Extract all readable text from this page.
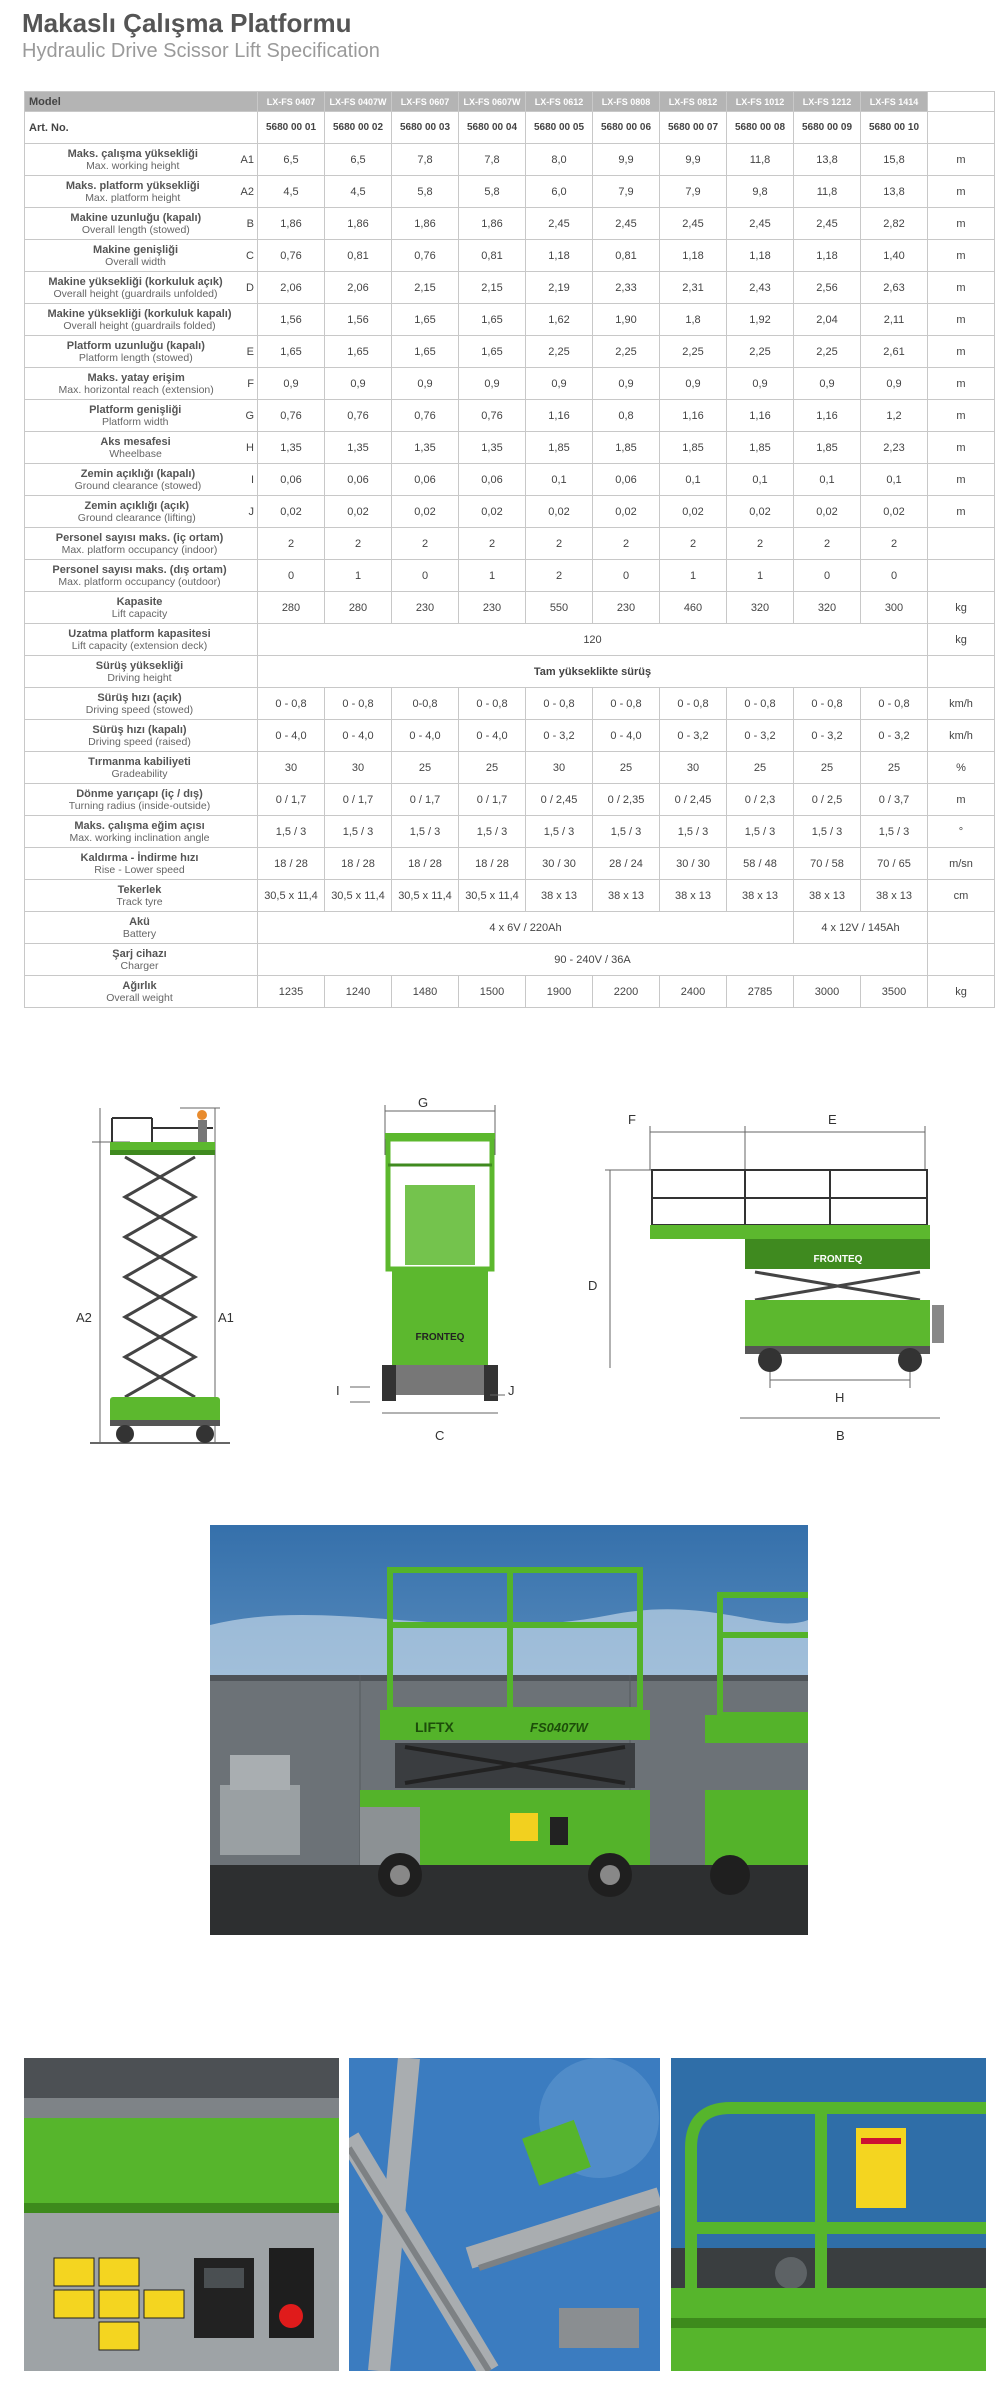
Makaslı Çalışma Platformu
Hydraulic Drive Scissor Lift Specification
Model	LX-FS 0407	LX-FS 0407W	LX-FS 0607	LX-FS 0607W	LX-FS 0612	LX-FS 0808	LX-FS 0812	LX-FS 1012	LX-FS 1212	LX-FS 1414	
Art. No.	5680 00 01	5680 00 02	5680 00 03	5680 00 04	5680 00 05	5680 00 06	5680 00 07	5680 00 08	5680 00 09	5680 00 10	

Maks. çalışma yüksekliği
Max. working height A1	6,5	6,5	7,8	7,8	8,0	9,9	9,9	11,8	13,8	15,8	m

Maks. platform yüksekliği
Max. platform height A2	4,5	4,5	5,8	5,8	6,0	7,9	7,9	9,8	11,8	13,8	m

Makine uzunluğu (kapalı)
Overall length (stowed) B	1,86	1,86	1,86	1,86	2,45	2,45	2,45	2,45	2,45	2,82	m

Makine genişliği
Overall width C	0,76	0,81	0,76	0,81	1,18	0,81	1,18	1,18	1,18	1,40	m

Makine yüksekliği (korkuluk açık)
Overall height (guardrails unfolded) D	2,06	2,06	2,15	2,15	2,19	2,33	2,31	2,43	2,56	2,63	m

Makine yüksekliği (korkuluk kapalı)
Overall height (guardrails folded)	1,56	1,56	1,65	1,65	1,62	1,90	1,8	1,92	2,04	2,11	m

Platform uzunluğu (kapalı)
Platform length (stowed) E	1,65	1,65	1,65	1,65	2,25	2,25	2,25	2,25	2,25	2,61	m

Maks. yatay erişim
Max. horizontal reach (extension) F	0,9	0,9	0,9	0,9	0,9	0,9	0,9	0,9	0,9	0,9	m

Platform genişliği
Platform width G	0,76	0,76	0,76	0,76	1,16	0,8	1,16	1,16	1,16	1,2	m

Aks mesafesi
Wheelbase H	1,35	1,35	1,35	1,35	1,85	1,85	1,85	1,85	1,85	2,23	m

Zemin açıklığı (kapalı)
Ground clearance (stowed) I	0,06	0,06	0,06	0,06	0,1	0,06	0,1	0,1	0,1	0,1	m

Zemin açıklığı (açık)
Ground clearance (lifting) J	0,02	0,02	0,02	0,02	0,02	0,02	0,02	0,02	0,02	0,02	m

Personel sayısı maks. (iç ortam)
Max. platform occupancy (indoor)	2	2	2	2	2	2	2	2	2	2	

Personel sayısı maks. (dış ortam)
Max. platform occupancy (outdoor)	0	1	0	1	2	0	1	1	0	0	

Kapasite
Lift capacity	280	280	230	230	550	230	460	320	320	300	kg

Uzatma platform kapasitesi
Lift capacity (extension deck)	120										kg

Sürüş yüksekliği
Driving height	Tam yükseklikte sürüş										

Sürüş hızı (açık)
Driving speed (stowed)	0 - 0,8	0 - 0,8	0-0,8	0 - 0,8	0 - 0,8	0 - 0,8	0 - 0,8	0 - 0,8	0 - 0,8	0 - 0,8	km/h

Sürüş hızı (kapalı)
Driving speed (raised)	0 - 4,0	0 - 4,0	0 - 4,0	0 - 4,0	0 - 3,2	0 - 4,0	0 - 3,2	0 - 3,2	0 - 3,2	0 - 3,2	km/h

Tırmanma kabiliyeti
Gradeability	30	30	25	25	30	25	30	25	25	25	%

Dönme yarıçapı (iç / dış)
Turning radius (inside-outside)	0 / 1,7	0 / 1,7	0 / 1,7	0 / 1,7	0 / 2,45	0 / 2,35	0 / 2,45	0 / 2,3	0 / 2,5	0 / 3,7	m

Maks. çalışma eğim açısı
Max. working inclination angle	1,5 / 3	1,5 / 3	1,5 / 3	1,5 / 3	1,5 / 3	1,5 / 3	1,5 / 3	1,5 / 3	1,5 / 3	1,5 / 3	°

Kaldırma - İndirme hızı
Rise - Lower speed	18 / 28	18 / 28	18 / 28	18 / 28	30 / 30	28 / 24	30 / 30	58 / 48	70 / 58	70 / 65	m/sn

Tekerlek
Track tyre	30,5 x 11,4	30,5 x 11,4	30,5 x 11,4	30,5 x 11,4	38 x 13	38 x 13	38 x 13	38 x 13	38 x 13	38 x 13	cm

Akü
Battery	4 x 6V / 220Ah								4 x 12V / 145Ah		

Şarj cihazı
Charger	90 - 240V / 36A										

Ağırlık
Overall weight	1235	1240	1480	1500	1900	2200	2400	2785	3000	3500	kg
A2	A1
G
FRONTEQ
I	J
C
F	E
D
FRONTEQ
H
B
LIFTX	FS0407W
